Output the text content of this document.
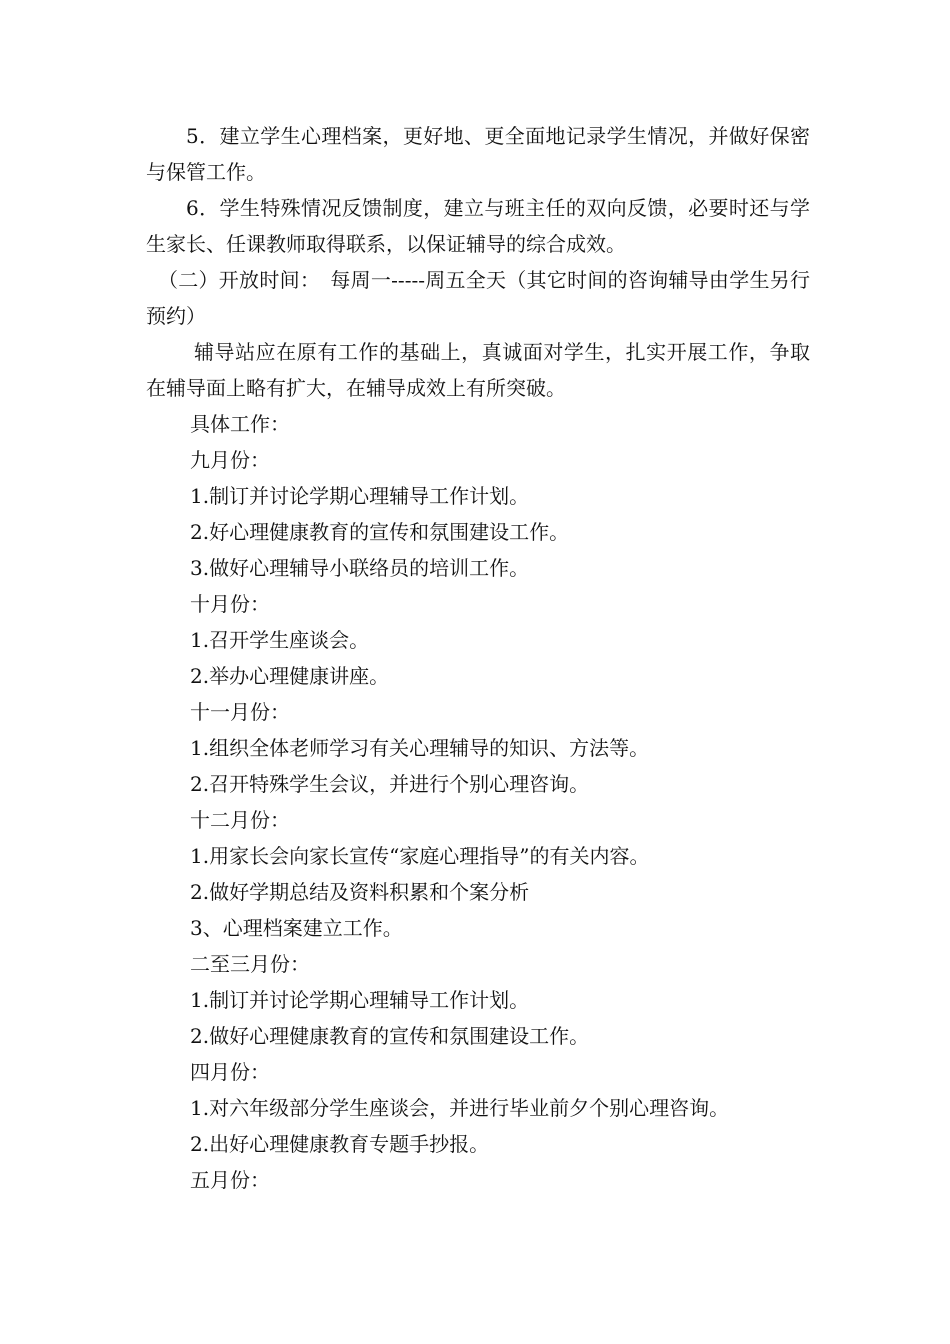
5．建立学生心理档案，更好地、更全面地记录学生情况，并做好保密与保管工作。

6．学生特殊情况反馈制度，建立与班主任的双向反馈，必要时还与学生家长、任课教师取得联系，以保证辅导的综合成效。

（二）开放时间：　每周一-----周五全天（其它时间的咨询辅导由学生另行预约）

辅导站应在原有工作的基础上，真诚面对学生，扎实开展工作，争取在辅导面上略有扩大，在辅导成效上有所突破。

具体工作：

九月份：

1.制订并讨论学期心理辅导工作计划。

2.好心理健康教育的宣传和氛围建设工作。

3.做好心理辅导小联络员的培训工作。

十月份：

1.召开学生座谈会。

2.举办心理健康讲座。

十一月份：

1.组织全体老师学习有关心理辅导的知识、方法等。

2.召开特殊学生会议，并进行个别心理咨询。

十二月份：

1.用家长会向家长宣传“家庭心理指导”的有关内容。

2.做好学期总结及资料积累和个案分析

3、心理档案建立工作。

二至三月份：

1.制订并讨论学期心理辅导工作计划。

2.做好心理健康教育的宣传和氛围建设工作。

四月份：

1.对六年级部分学生座谈会，并进行毕业前夕个别心理咨询。

2.出好心理健康教育专题手抄报。

五月份：
